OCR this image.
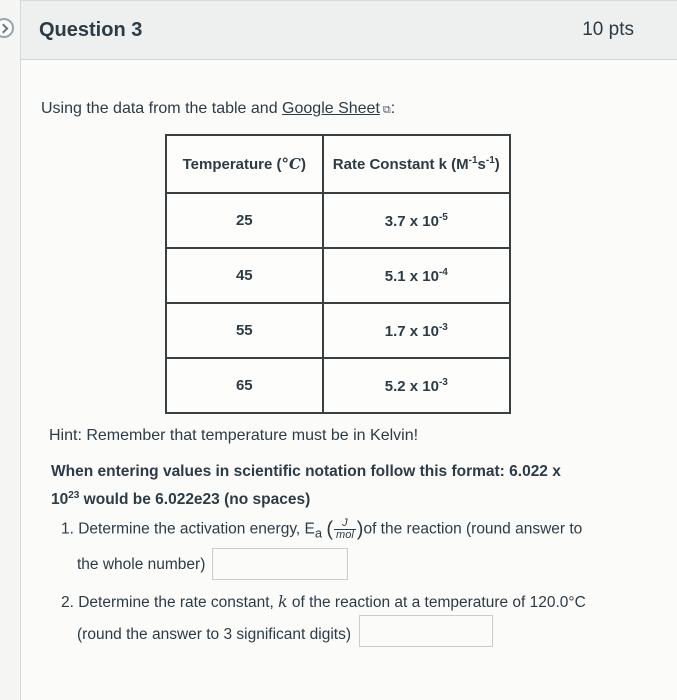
Question 3	10 pts
Using the data from the table and Google Sheet ⧉:
Temperature (°C)	Rate Constant k $(M^{-1}s^{-1})$
25	3.7 x $10^{-5}$
45	5.1 x $10^{-4}$
55	1.7 x $10^{-3}$
65	5.2 x $10^{-3}$
Hint: Remember that temperature must be in Kelvin!
When entering values in scientific notation follow this format: 6.022 x
$10^{23}$ would be 6.022e23 (no spaces)
1. Determine the activation energy, $E_a$ ( $\frac{J}{\text{mol}} )of$ the reaction (round answer to
the whole number)
2. Determine the rate constant, k of the reaction at a temperature of 120.0°C
(round the answer to 3 significant digits)
